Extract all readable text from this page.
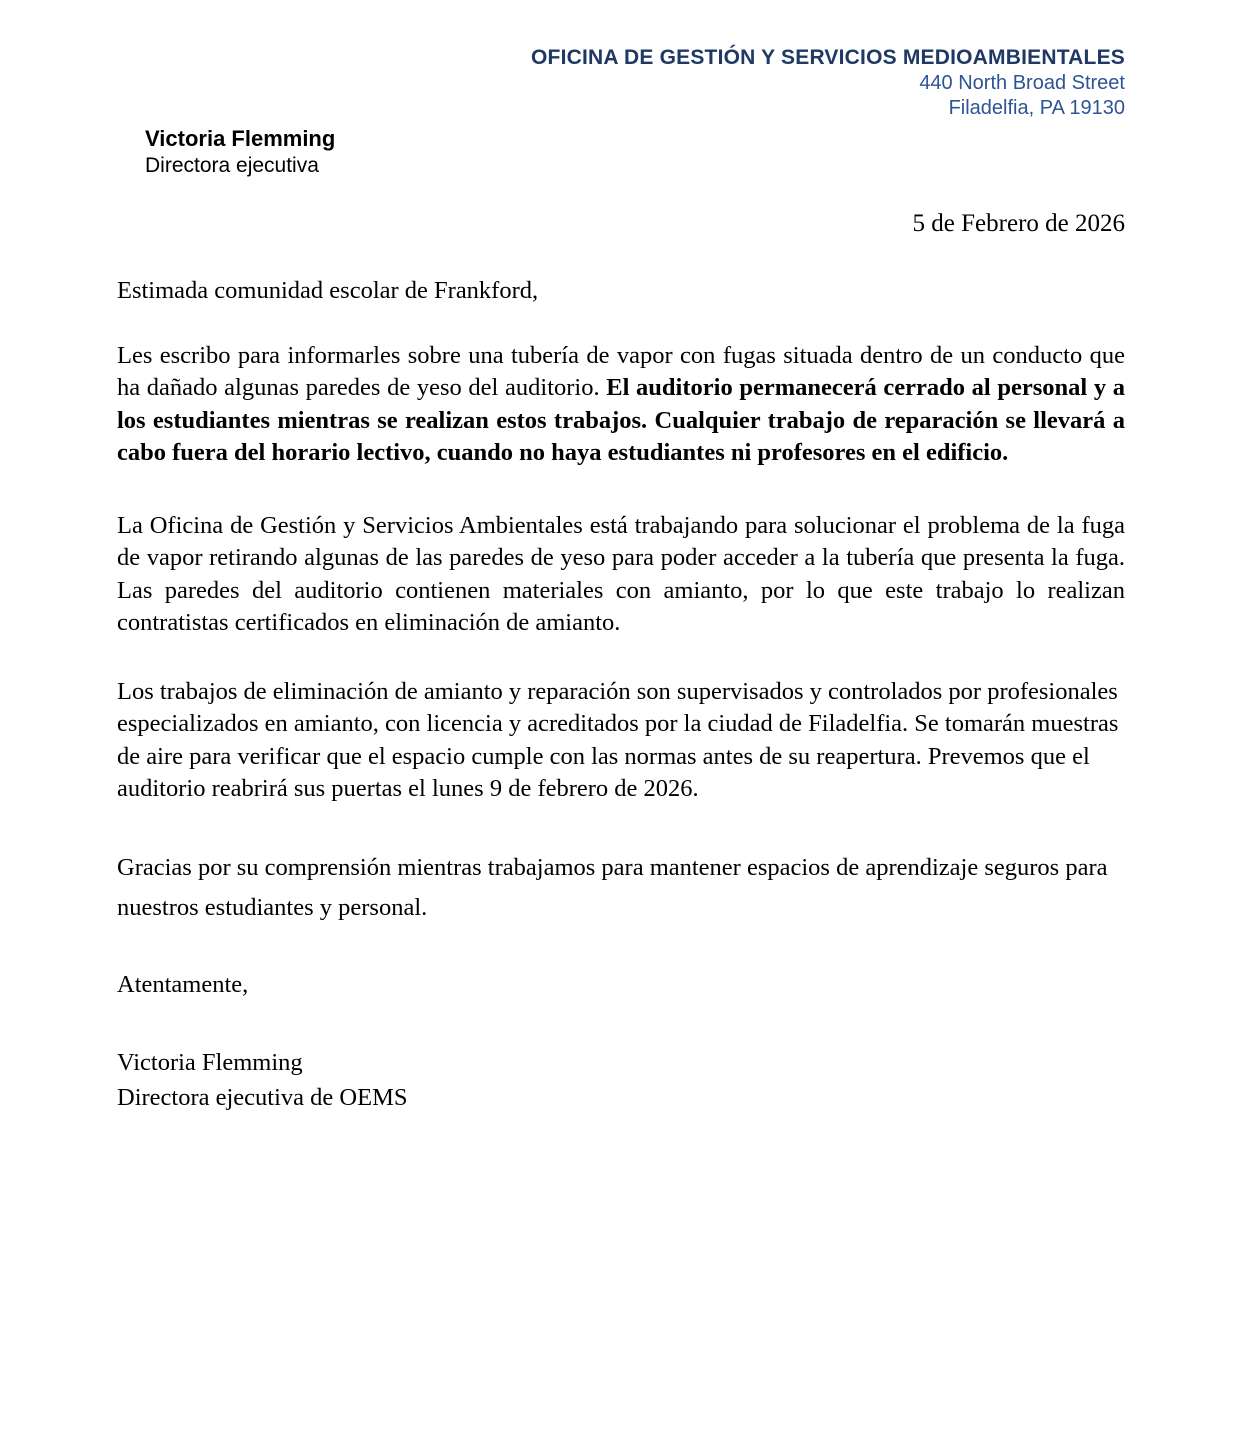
OFICINA DE GESTIÓN Y SERVICIOS MEDIOAMBIENTALES
440 North Broad Street
Filadelfia, PA 19130
Victoria Flemming
Directora ejecutiva
5 de Febrero de 2026

Estimada comunidad escolar de Frankford,

Les escribo para informarles sobre una tubería de vapor con fugas situada dentro de un conducto que ha dañado algunas paredes de yeso del auditorio. El auditorio permanecerá cerrado al personal y a los estudiantes mientras se realizan estos trabajos. Cualquier trabajo de reparación se llevará a cabo fuera del horario lectivo, cuando no haya estudiantes ni profesores en el edificio.

La Oficina de Gestión y Servicios Ambientales está trabajando para solucionar el problema de la fuga de vapor retirando algunas de las paredes de yeso para poder acceder a la tubería que presenta la fuga. Las paredes del auditorio contienen materiales con amianto, por lo que este trabajo lo realizan contratistas certificados en eliminación de amianto.

Los trabajos de eliminación de amianto y reparación son supervisados y controlados por profesionales especializados en amianto, con licencia y acreditados por la ciudad de Filadelfia. Se tomarán muestras de aire para verificar que el espacio cumple con las normas antes de su reapertura. Prevemos que el auditorio reabrirá sus puertas el lunes 9 de febrero de 2026.

Gracias por su comprensión mientras trabajamos para mantener espacios de aprendizaje seguros para nuestros estudiantes y personal.

Atentamente,

Victoria Flemming
Directora ejecutiva de OEMS
